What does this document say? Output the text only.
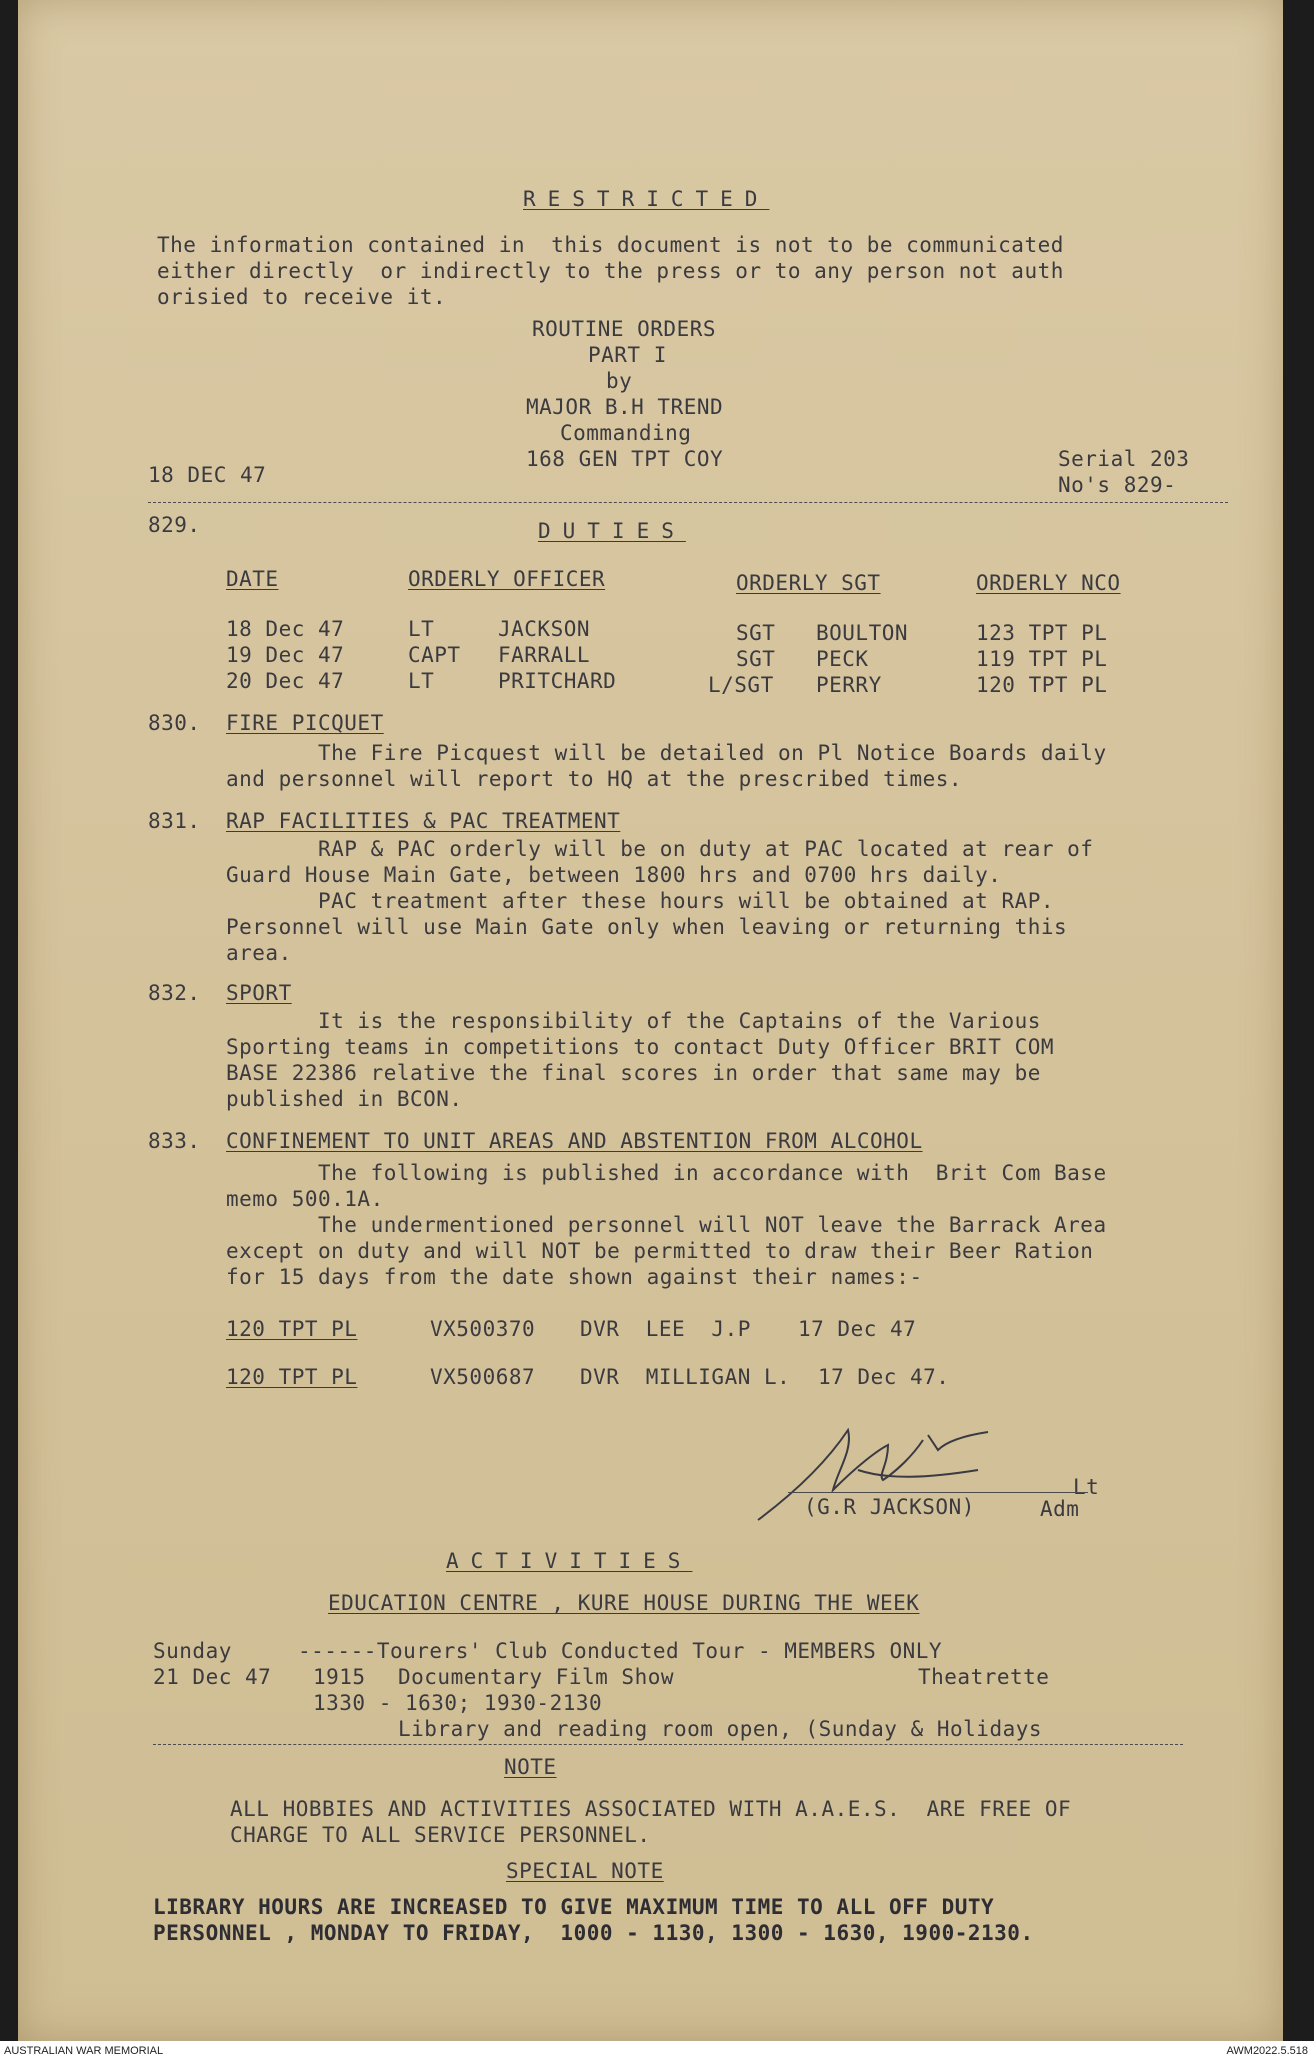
RESTRICTED
The information contained in  this document is not to be communicated
either directly  or indirectly to the press or to any person not auth
orisied to receive it.
ROUTINE ORDERS
PART I
by
MAJOR B.H TREND
Commanding
168 GEN TPT COY
18 DEC 47
Serial 203
No's 829-
829.	DUTIES
DATE	ORDERLY OFFICER	ORDERLY SGT	ORDERLY NCO
18 Dec 47	LT	JACKSON	SGT BOULTON	123 TPT PL
19 Dec 47	CAPT FARRALL	SGT PECK	119 TPT PL
20 Dec 47	LT	PRITCHARD	L/SGT PERRY	120 TPT PL
830. FIRE PICQUET
The Fire Picquest will be detailed on Pl Notice Boards daily
and personnel will report to HQ at the prescribed times.
831. RAP FACILITIES & PAC TREATMENT
RAP & PAC orderly will be on duty at PAC located at rear of
Guard House Main Gate, between 1800 hrs and 0700 hrs daily.
PAC treatment after these hours will be obtained at RAP.
Personnel will use Main Gate only when leaving or returning this
area.
832. SPORT
It is the responsibility of the Captains of the Various
Sporting teams in competitions to contact Duty Officer BRIT COM
BASE 22386 relative the final scores in order that same may be
published in BCON.
833. CONFINEMENT TO UNIT AREAS AND ABSTENTION FROM ALCOHOL
The following is published in accordance with  Brit Com Base
memo 500.1A.
The undermentioned personnel will NOT leave the Barrack Area
except on duty and will NOT be permitted to draw their Beer Ration
for 15 days from the date shown against their names:-
120 TPT PL	VX500370 DVR  LEE  J.P 17 Dec 47
120 TPT PL	VX500687 DVR  MILLIGAN L. 17 Dec 47.
(G.R JACKSON)
Lt
Adm
ACTIVITIES
EDUCATION CENTRE , KURE HOUSE DURING THE WEEK
Sunday	------Tourers' Club Conducted Tour - MEMBERS ONLY
21 Dec 47 1915 Documentary Film Show	Theatrette
1330 - 1630; 1930-2130
Library and reading room open, (Sunday & Holidays
NOTE
ALL HOBBIES AND ACTIVITIES ASSOCIATED WITH A.A.E.S.  ARE FREE OF
CHARGE TO ALL SERVICE PERSONNEL.
SPECIAL NOTE
LIBRARY HOURS ARE INCREASED TO GIVE MAXIMUM TIME TO ALL OFF DUTY
PERSONNEL , MONDAY TO FRIDAY,  1000 - 1130, 1300 - 1630, 1900-2130.
AUSTRALIAN WAR MEMORIAL	AWM2022.5.518
